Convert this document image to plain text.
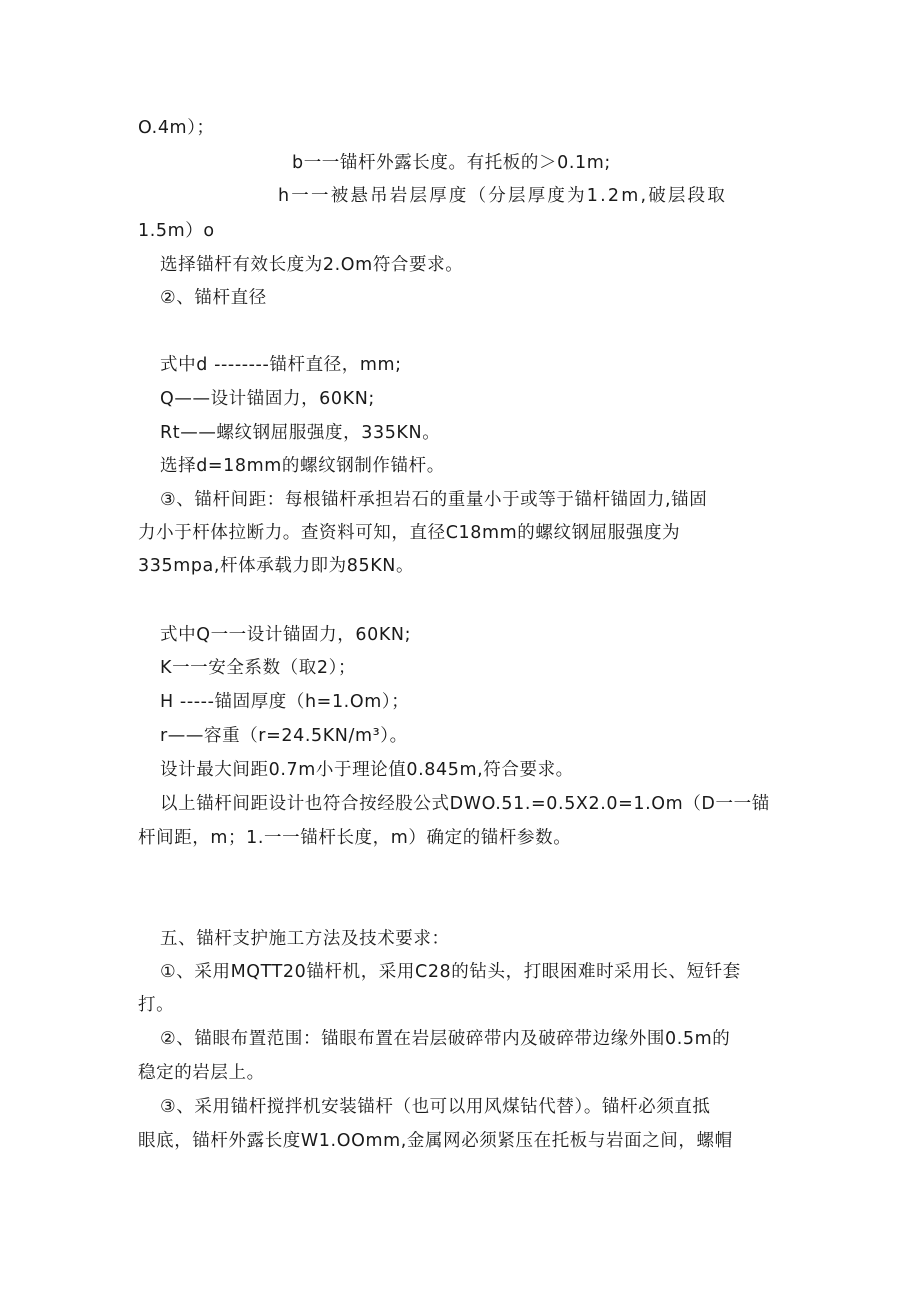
O.4m）；
b一一锚杆外露长度。有托板的＞0.1m;
h一一被悬吊岩层厚度（分层厚度为1.2m,破层段取
1.5m）o
选择锚杆有效长度为2.Om符合要求。
②、锚杆直径
式中d --------锚杆直径，mm;
Q——设计锚固力，60KN;
Rt——螺纹钢屈服强度，335KN。
选择d=18mm的螺纹钢制作锚杆。
③、锚杆间距：每根锚杆承担岩石的重量小于或等于锚杆锚固力,锚固
力小于杆体拉断力。查资料可知，直径C18mm的螺纹钢屈服强度为
335mpa,杆体承载力即为85KN。
式中Q一一设计锚固力，60KN;
K一一安全系数（取2）；
H -----锚固厚度（h=1.Om）；
r——容重（r=24.5KN/m³）。
设计最大间距0.7m小于理论值0.845m,符合要求。
以上锚杆间距设计也符合按经股公式DWO.51.=0.5X2.0=1.Om（D一一锚
杆间距，m；1.一一锚杆长度，m）确定的锚杆参数。
五、锚杆支护施工方法及技术要求：
①、采用MQTT20锚杆机，采用C28的钻头，打眼困难时采用长、短钎套
打。
②、锚眼布置范围：锚眼布置在岩层破碎带内及破碎带边缘外围0.5m的
稳定的岩层上。
③、采用锚杆搅拌机安装锚杆（也可以用风煤钻代替）。锚杆必须直抵
眼底，锚杆外露长度W1.OOmm,金属网必须紧压在托板与岩面之间，螺帽
